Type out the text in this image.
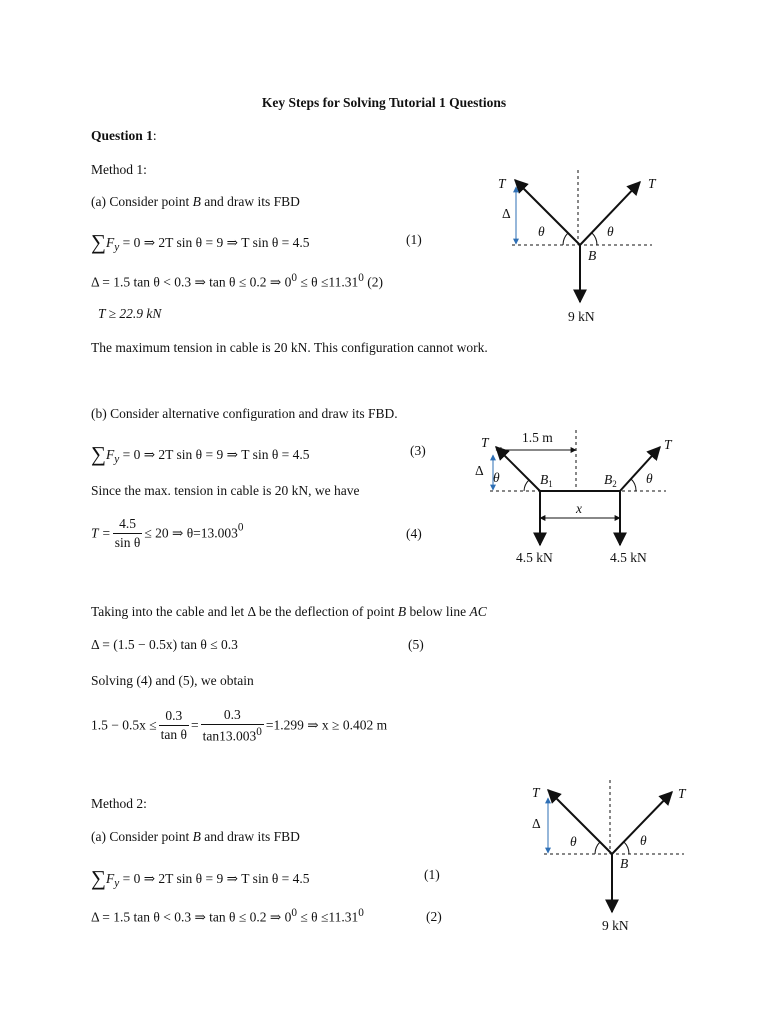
Key Steps for Solving Tutorial 1 Questions
Question 1:
Method 1:
(a) Consider point B and draw its FBD
$\sum F_y = 0$ ⇒ 2T sin θ = 9 ⇒ T sin θ = 4.5	(1)
Δ = 1.5 tan θ < 0.3 ⇒ tan θ ≤ 0.2 ⇒ $0^0 \le \theta \le 11.31^0$ (2)
T ≥ 22.9 kN
The maximum tension in cable is 20 kN. This configuration cannot work.
(b) Consider alternative configuration and draw its FBD.
$\sum F_y = 0$ ⇒ 2T sin θ = 9 ⇒ T sin θ = 4.5	(3)
Since the max. tension in cable is 20 kN, we have
$T = \frac{4.5}{\text{sin θ}} \le 20$ ⇒ $\theta=13.003^0$	(4)
Taking into the cable and let Δ be the deflection of point B below line AC
Δ = (1.5 − 0.5x) tan θ ≤ 0.3	(5)
Solving (4) and (5), we obtain
$1.5 - 0.5x \le \frac{0.3}{\text{tan θ}} = \frac{0.3}{\tan 13.003^0} =1.299$ ⇒ x ≥ 0.402 m
Method 2:
(a) Consider point B and draw its FBD
$\sum F_y = 0$ ⇒ 2T sin θ = 9 ⇒ T sin θ = 4.5	(1)
Δ = 1.5 tan θ < 0.3 ⇒ tan θ ≤ 0.2 ⇒ $0^0 \le \theta \le 11.31^0$	(2)
T	T
Δ
θ	θ
B
9 kN
T	T
1.5 m
Δ θ	θ
$B_1$	$B_2$
x
4.5 kN	4.5 kN
T	T
Δ
θ	θ
B
9 kN
